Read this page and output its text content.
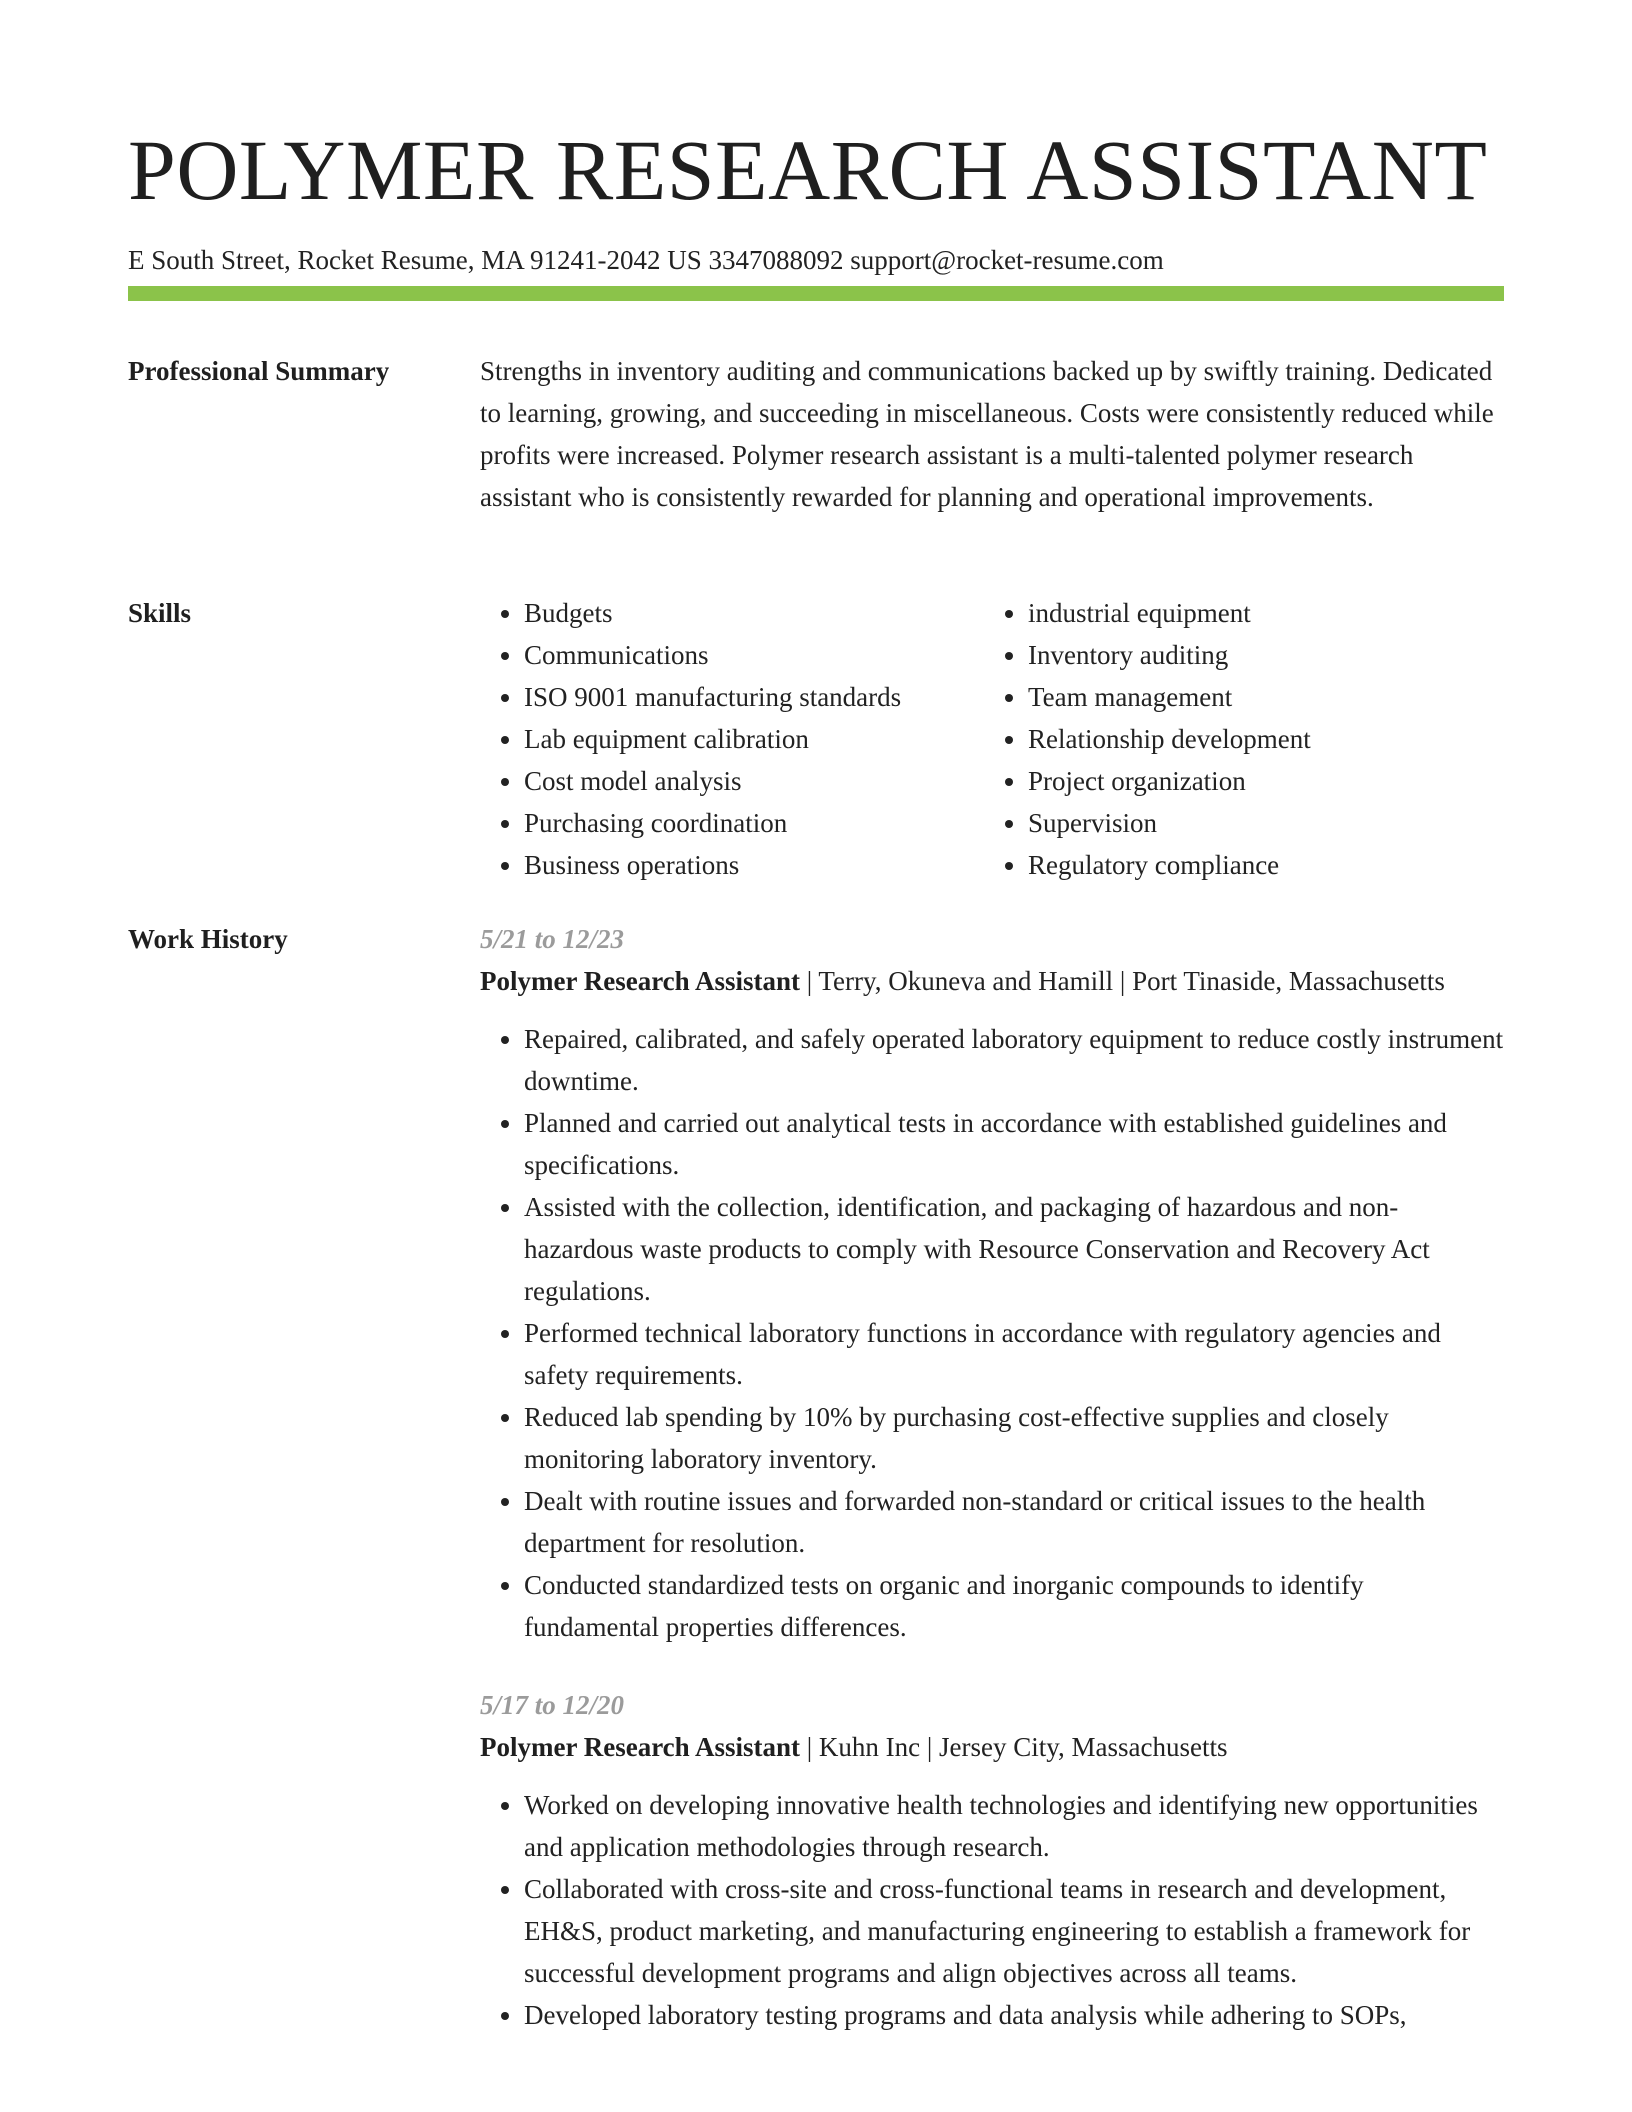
POLYMER RESEARCH ASSISTANT
E South Street, Rocket Resume, MA 91241-2042 US 3347088092 support@rocket-resume.com
Professional Summary	Strengths in inventory auditing and communications backed up by swiftly training. Dedicated to learning, growing, and succeeding in miscellaneous. Costs were consistently reduced while profits were increased. Polymer research assistant is a multi-talented polymer research assistant who is consistently rewarded for planning and operational improvements.

Skills
•	Budgets
• Communications
• ISO 9001 manufacturing standards
• Lab equipment calibration
• Cost model analysis
• Purchasing coordination
• Business operations
• industrial equipment
• Inventory auditing
• Team management
• Relationship development
• Project organization
• Supervision
• Regulatory compliance
Work History	5/21 to 12/23
Polymer Research Assistant | Terry, Okuneva and Hamill | Port Tinaside, Massachusetts
• Repaired, calibrated, and safely operated laboratory equipment to reduce costly instrument downtime.
• Planned and carried out analytical tests in accordance with established guidelines and specifications.
• Assisted with the collection, identification, and packaging of hazardous and non-hazardous waste products to comply with Resource Conservation and Recovery Act regulations.
• Performed technical laboratory functions in accordance with regulatory agencies and safety requirements.
• Reduced lab spending by 10% by purchasing cost-effective supplies and closely monitoring laboratory inventory.
• Dealt with routine issues and forwarded non-standard or critical issues to the health department for resolution.
• Conducted standardized tests on organic and inorganic compounds to identify fundamental properties differences.
5/17 to 12/20
Polymer Research Assistant | Kuhn Inc | Jersey City, Massachusetts
• Worked on developing innovative health technologies and identifying new opportunities and application methodologies through research.
• Collaborated with cross-site and cross-functional teams in research and development, EH&S, product marketing, and manufacturing engineering to establish a framework for successful development programs and align objectives across all teams.
• Developed laboratory testing programs and data analysis while adhering to SOPs,
